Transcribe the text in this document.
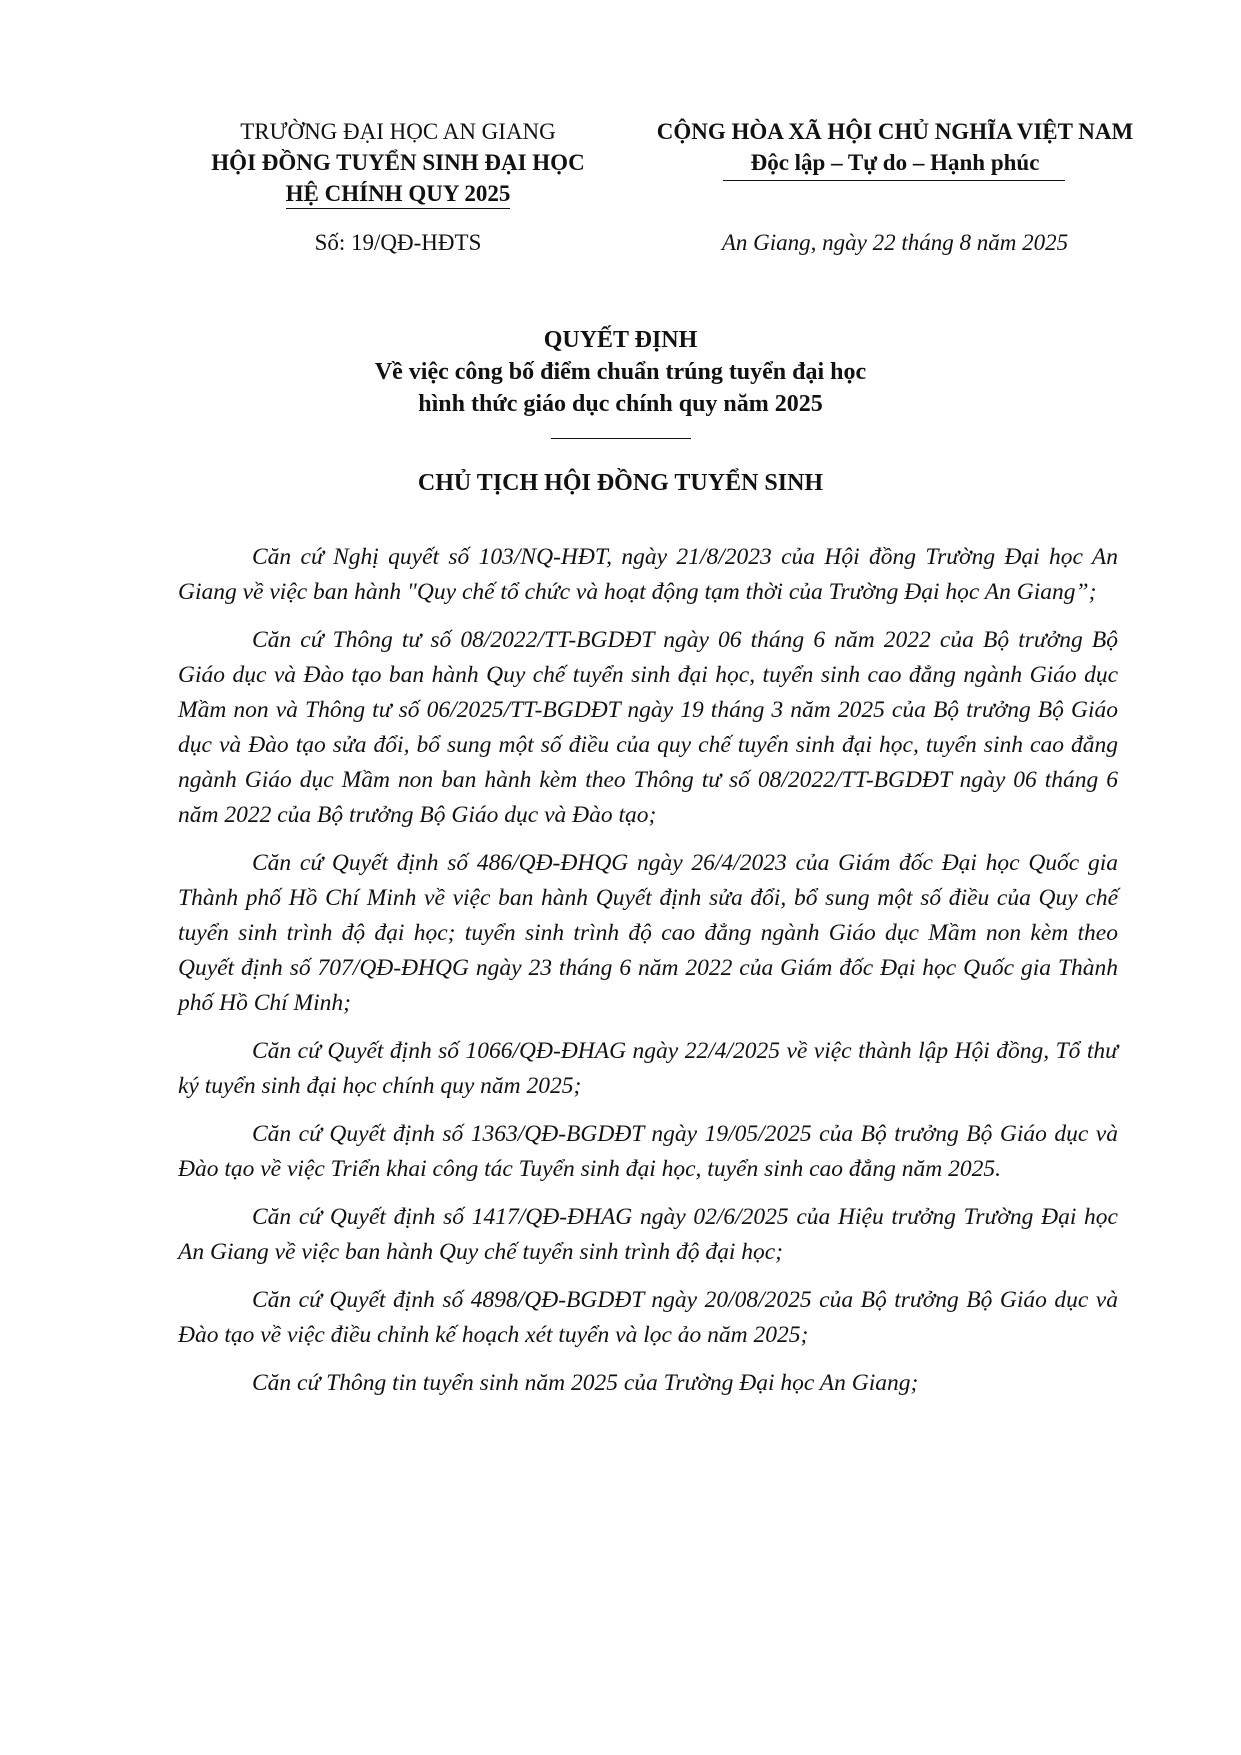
TRƯỜNG ĐẠI HỌC AN GIANG
HỘI ĐỒNG TUYỂN SINH ĐẠI HỌC
HỆ CHÍNH QUY 2025
CỘNG HÒA XÃ HỘI CHỦ NGHĨA VIỆT NAM
Độc lập – Tự do – Hạnh phúc
Số: 19/QĐ-HĐTS	An Giang, ngày 22 tháng 8 năm 2025
QUYẾT ĐỊNH
Về việc công bố điểm chuẩn trúng tuyển đại học
hình thức giáo dục chính quy năm 2025
CHỦ TỊCH HỘI ĐỒNG TUYỂN SINH

Căn cứ Nghị quyết số 103/NQ-HĐT, ngày 21/8/2023 của Hội đồng Trường Đại học An Giang về việc ban hành "Quy chế tổ chức và hoạt động tạm thời của Trường Đại học An Giang”;

Căn cứ Thông tư số 08/2022/TT-BGDĐT ngày 06 tháng 6 năm 2022 của Bộ trưởng Bộ Giáo dục và Đào tạo ban hành Quy chế tuyển sinh đại học, tuyển sinh cao đẳng ngành Giáo dục Mầm non và Thông tư số 06/2025/TT-BGDĐT ngày 19 tháng 3 năm 2025 của Bộ trưởng Bộ Giáo dục và Đào tạo sửa đổi, bổ sung một số điều của quy chế tuyển sinh đại học, tuyển sinh cao đẳng ngành Giáo dục Mầm non ban hành kèm theo Thông tư số 08/2022/TT-BGDĐT ngày 06 tháng 6 năm 2022 của Bộ trưởng Bộ Giáo dục và Đào tạo;

Căn cứ Quyết định số 486/QĐ-ĐHQG ngày 26/4/2023 của Giám đốc Đại học Quốc gia Thành phố Hồ Chí Minh về việc ban hành Quyết định sửa đổi, bổ sung một số điều của Quy chế tuyển sinh trình độ đại học; tuyển sinh trình độ cao đẳng ngành Giáo dục Mầm non kèm theo Quyết định số 707/QĐ-ĐHQG ngày 23 tháng 6 năm 2022 của Giám đốc Đại học Quốc gia Thành phố Hồ Chí Minh;

Căn cứ Quyết định số 1066/QĐ-ĐHAG ngày 22/4/2025 về việc thành lập Hội đồng, Tổ thư ký tuyển sinh đại học chính quy năm 2025;

Căn cứ Quyết định số 1363/QĐ-BGDĐT ngày 19/05/2025 của Bộ trưởng Bộ Giáo dục và Đào tạo về việc Triển khai công tác Tuyển sinh đại học, tuyển sinh cao đẳng năm 2025.

Căn cứ Quyết định số 1417/QĐ-ĐHAG ngày 02/6/2025 của Hiệu trưởng Trường Đại học An Giang về việc ban hành Quy chế tuyển sinh trình độ đại học;

Căn cứ Quyết định số 4898/QĐ-BGDĐT ngày 20/08/2025 của Bộ trưởng Bộ Giáo dục và Đào tạo về việc điều chỉnh kế hoạch xét tuyển và lọc ảo năm 2025;

Căn cứ Thông tin tuyển sinh năm 2025 của Trường Đại học An Giang;
